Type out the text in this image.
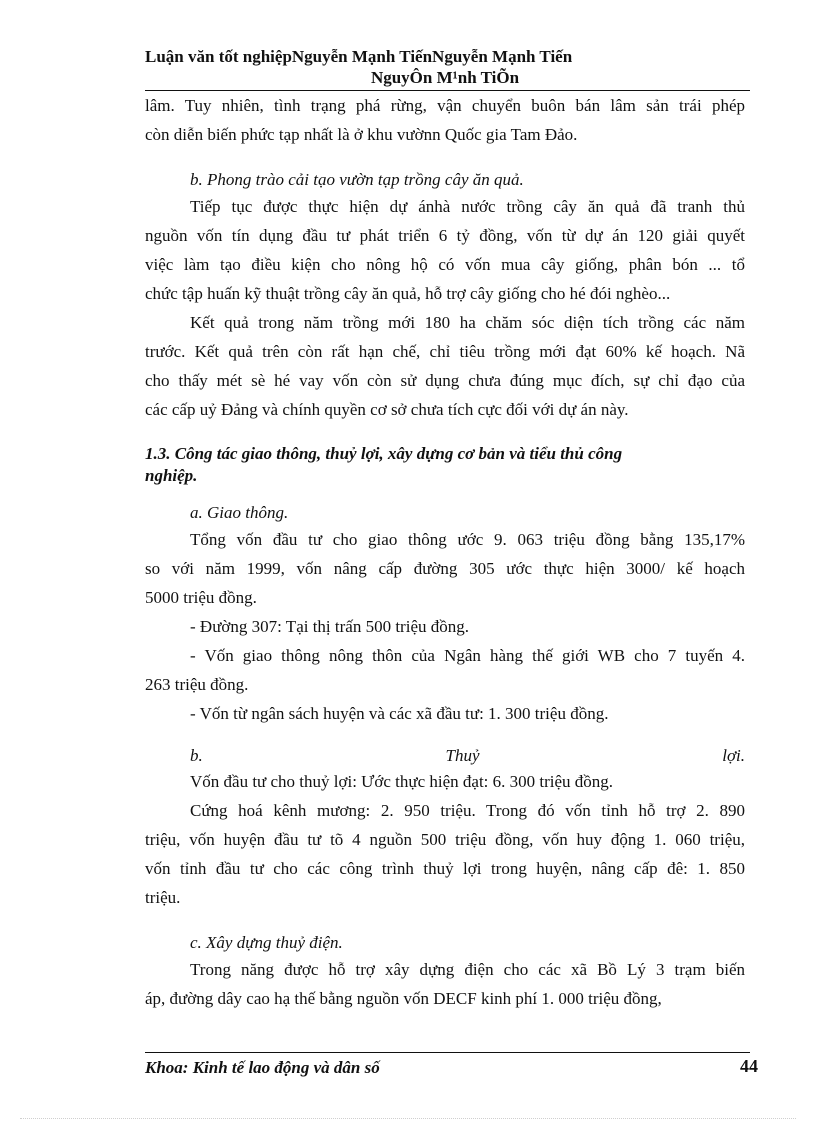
Luận văn tốt nghiệpNguyễn Mạnh TiếnNguyễn Mạnh Tiến
NguyÔn M¹nh TiÕn
lâm. Tuy nhiên, tình trạng phá rừng, vận chuyển buôn bán lâm sản trái phép
còn diễn biến phức tạp nhất là ở khu vườnn Quốc gia Tam Đảo.
b. Phong trào cải tạo vườn tạp trồng cây ăn quả.
Tiếp tục được thực hiện dự ánhà nước trồng cây ăn quả đã tranh thủ
nguồn vốn tín dụng đầu tư phát triển 6 tỷ đồng, vốn từ dự án 120 giải quyết
việc làm tạo điều kiện cho nông hộ có vốn mua cây giống, phân bón ... tổ
chức tập huấn kỹ thuật trồng cây ăn quả, hỗ trợ cây giống cho hé đói nghèo...
Kết quả trong năm trồng mới 180 ha chăm sóc diện tích trồng các năm
trước. Kết quả trên còn rất hạn chế, chỉ tiêu trồng mới đạt 60% kế hoạch. Nã
cho thấy mét sè hé vay vốn còn sử dụng chưa đúng mục đích, sự chỉ đạo của
các cấp uỷ Đảng và chính quyền cơ sở chưa tích cực đối với dự án này.
1.3. Công tác giao thông, thuỷ lợi, xây dựng cơ bản và tiểu thủ công
nghiệp.
a. Giao thông.
Tổng vốn đầu tư cho giao thông ước 9. 063 triệu đồng bằng 135,17%
so với năm 1999, vốn nâng cấp đường 305 ước thực hiện 3000/ kế hoạch
5000 triệu đồng.
- Đường 307: Tại thị trấn 500 triệu đồng.
- Vốn giao thông nông thôn của Ngân hàng thế giới WB cho 7 tuyến 4.
263 triệu đồng.
- Vốn từ ngân sách huyện và các xã đầu tư: 1. 300 triệu đồng.
b.	Thuỷ	lợi.
Vốn đầu tư cho thuỷ lợi: Ước thực hiện đạt: 6. 300 triệu đồng.
Cứng hoá kênh mương: 2. 950 triệu. Trong đó vốn tỉnh hỗ trợ 2. 890
triệu, vốn huyện đầu tư tõ 4 nguồn 500 triệu đồng, vốn huy động 1. 060 triệu,
vốn tỉnh đầu tư cho các công trình thuỷ lợi trong huyện, nâng cấp đê: 1. 850
triệu.
c. Xây dựng thuỷ điện.
Trong năng được hỗ trợ xây dựng điện cho các xã Bồ Lý 3 trạm biến
áp, đường dây cao hạ thế bằng nguồn vốn DECF kinh phí 1. 000 triệu đồng,
Khoa: Kinh tế lao động và dân số	44
